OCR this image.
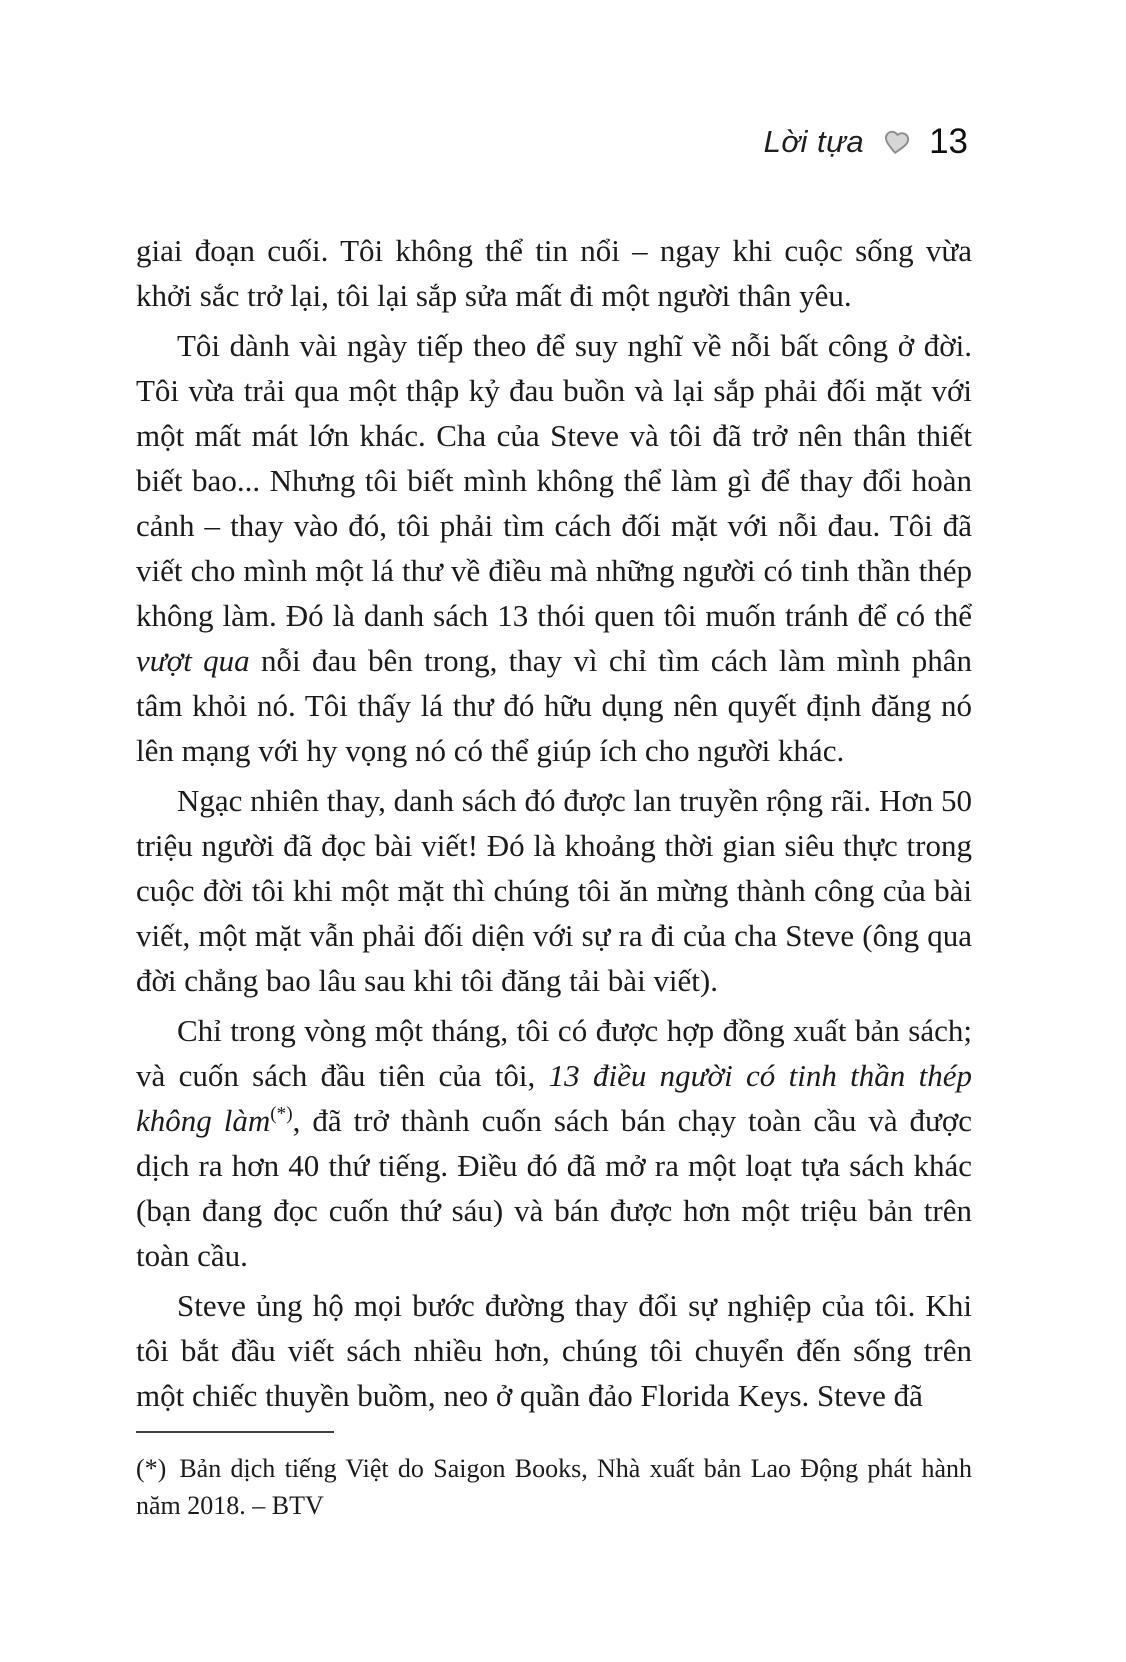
Lời tựa 13

giai đoạn cuối. Tôi không thể tin nổi – ngay khi cuộc sống vừa khởi sắc trở lại, tôi lại sắp sửa mất đi một người thân yêu.

Tôi dành vài ngày tiếp theo để suy nghĩ về nỗi bất công ở đời. Tôi vừa trải qua một thập kỷ đau buồn và lại sắp phải đối mặt với một mất mát lớn khác. Cha của Steve và tôi đã trở nên thân thiết biết bao... Nhưng tôi biết mình không thể làm gì để thay đổi hoàn cảnh – thay vào đó, tôi phải tìm cách đối mặt với nỗi đau. Tôi đã viết cho mình một lá thư về điều mà những người có tinh thần thép không làm. Đó là danh sách 13 thói quen tôi muốn tránh để có thể vượt qua nỗi đau bên trong, thay vì chỉ tìm cách làm mình phân tâm khỏi nó. Tôi thấy lá thư đó hữu dụng nên quyết định đăng nó lên mạng với hy vọng nó có thể giúp ích cho người khác.

Ngạc nhiên thay, danh sách đó được lan truyền rộng rãi. Hơn 50 triệu người đã đọc bài viết! Đó là khoảng thời gian siêu thực trong cuộc đời tôi khi một mặt thì chúng tôi ăn mừng thành công của bài viết, một mặt vẫn phải đối diện với sự ra đi của cha Steve (ông qua đời chẳng bao lâu sau khi tôi đăng tải bài viết).

Chỉ trong vòng một tháng, tôi có được hợp đồng xuất bản sách; và cuốn sách đầu tiên của tôi, 13 điều người có tinh thần thép không làm(*), đã trở thành cuốn sách bán chạy toàn cầu và được dịch ra hơn 40 thứ tiếng. Điều đó đã mở ra một loạt tựa sách khác (bạn đang đọc cuốn thứ sáu) và bán được hơn một triệu bản trên toàn cầu.

Steve ủng hộ mọi bước đường thay đổi sự nghiệp của tôi. Khi tôi bắt đầu viết sách nhiều hơn, chúng tôi chuyển đến sống trên một chiếc thuyền buồm, neo ở quần đảo Florida Keys. Steve đã

(*) Bản dịch tiếng Việt do Saigon Books, Nhà xuất bản Lao Động phát hành năm 2018. – BTV
